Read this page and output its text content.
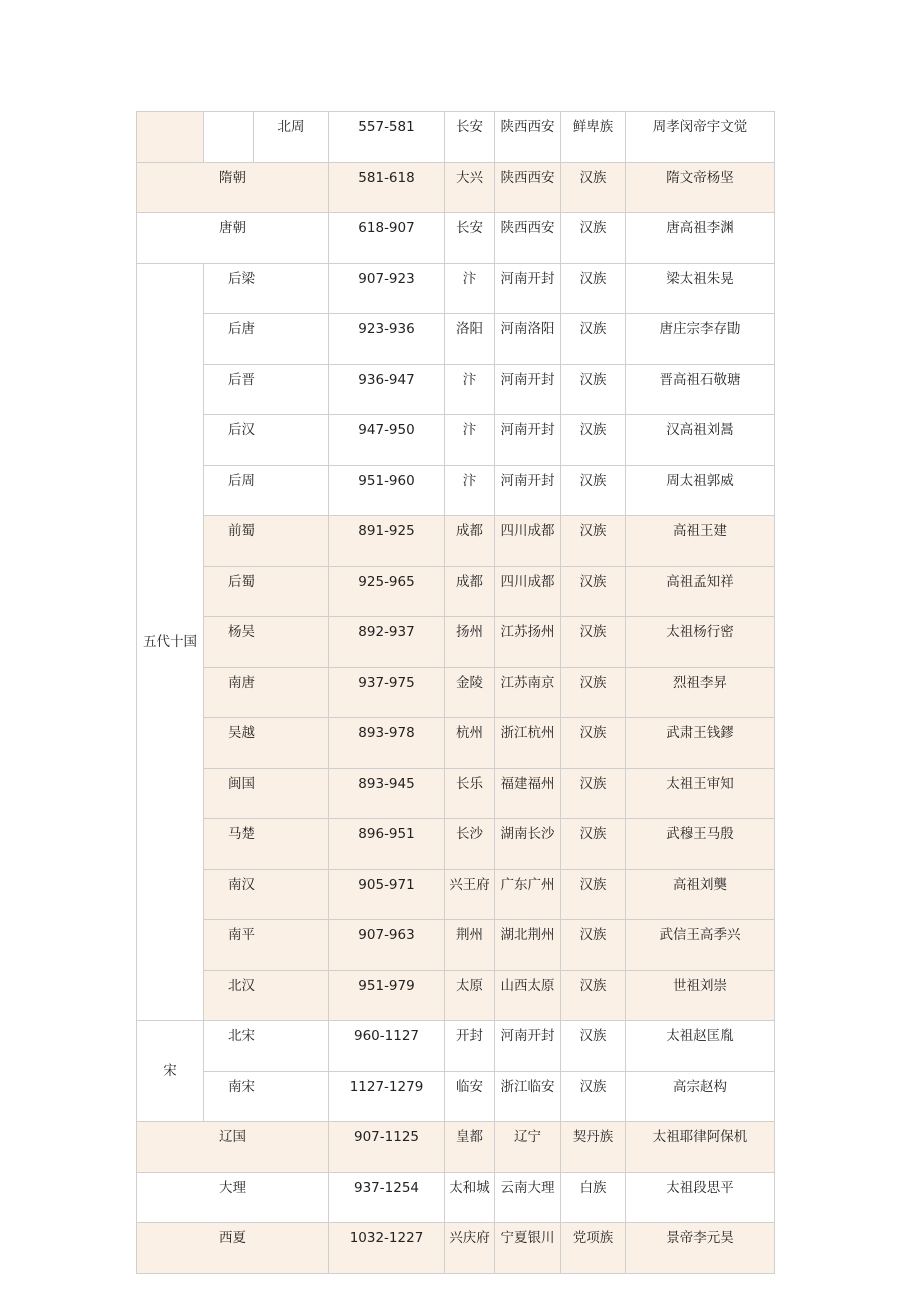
		北周	557-581	长安	陕西西安	鲜卑族	周孝闵帝宇文觉
隋朝			581-618	大兴	陕西西安	汉族	隋文帝杨坚
唐朝			618-907	长安	陕西西安	汉族	唐高祖李渊
五代十国	后梁		907-923	汴	河南开封	汉族	梁太祖朱晃
	后唐		923-936	洛阳	河南洛阳	汉族	唐庄宗李存勖
	后晋		936-947	汴	河南开封	汉族	晋高祖石敬瑭
	后汉		947-950	汴	河南开封	汉族	汉高祖刘暠
	后周		951-960	汴	河南开封	汉族	周太祖郭威
	前蜀		891-925	成都	四川成都	汉族	高祖王建
	后蜀		925-965	成都	四川成都	汉族	高祖孟知祥
	杨吴		892-937	扬州	江苏扬州	汉族	太祖杨行密
	南唐		937-975	金陵	江苏南京	汉族	烈祖李昇
	吴越		893-978	杭州	浙江杭州	汉族	武肃王钱鏐
	闽国		893-945	长乐	福建福州	汉族	太祖王审知
	马楚		896-951	长沙	湖南长沙	汉族	武穆王马殷
	南汉		905-971	兴王府	广东广州	汉族	高祖刘龑
	南平		907-963	荆州	湖北荆州	汉族	武信王高季兴
	北汉		951-979	太原	山西太原	汉族	世祖刘崇
宋	北宋		960-1127	开封	河南开封	汉族	太祖赵匡胤
	南宋		1127-1279	临安	浙江临安	汉族	高宗赵构
辽国			907-1125	皇都	辽宁	契丹族	太祖耶律阿保机
大理			937-1254	太和城	云南大理	白族	太祖段思平
西夏			1032-1227	兴庆府	宁夏银川	党项族	景帝李元昊
